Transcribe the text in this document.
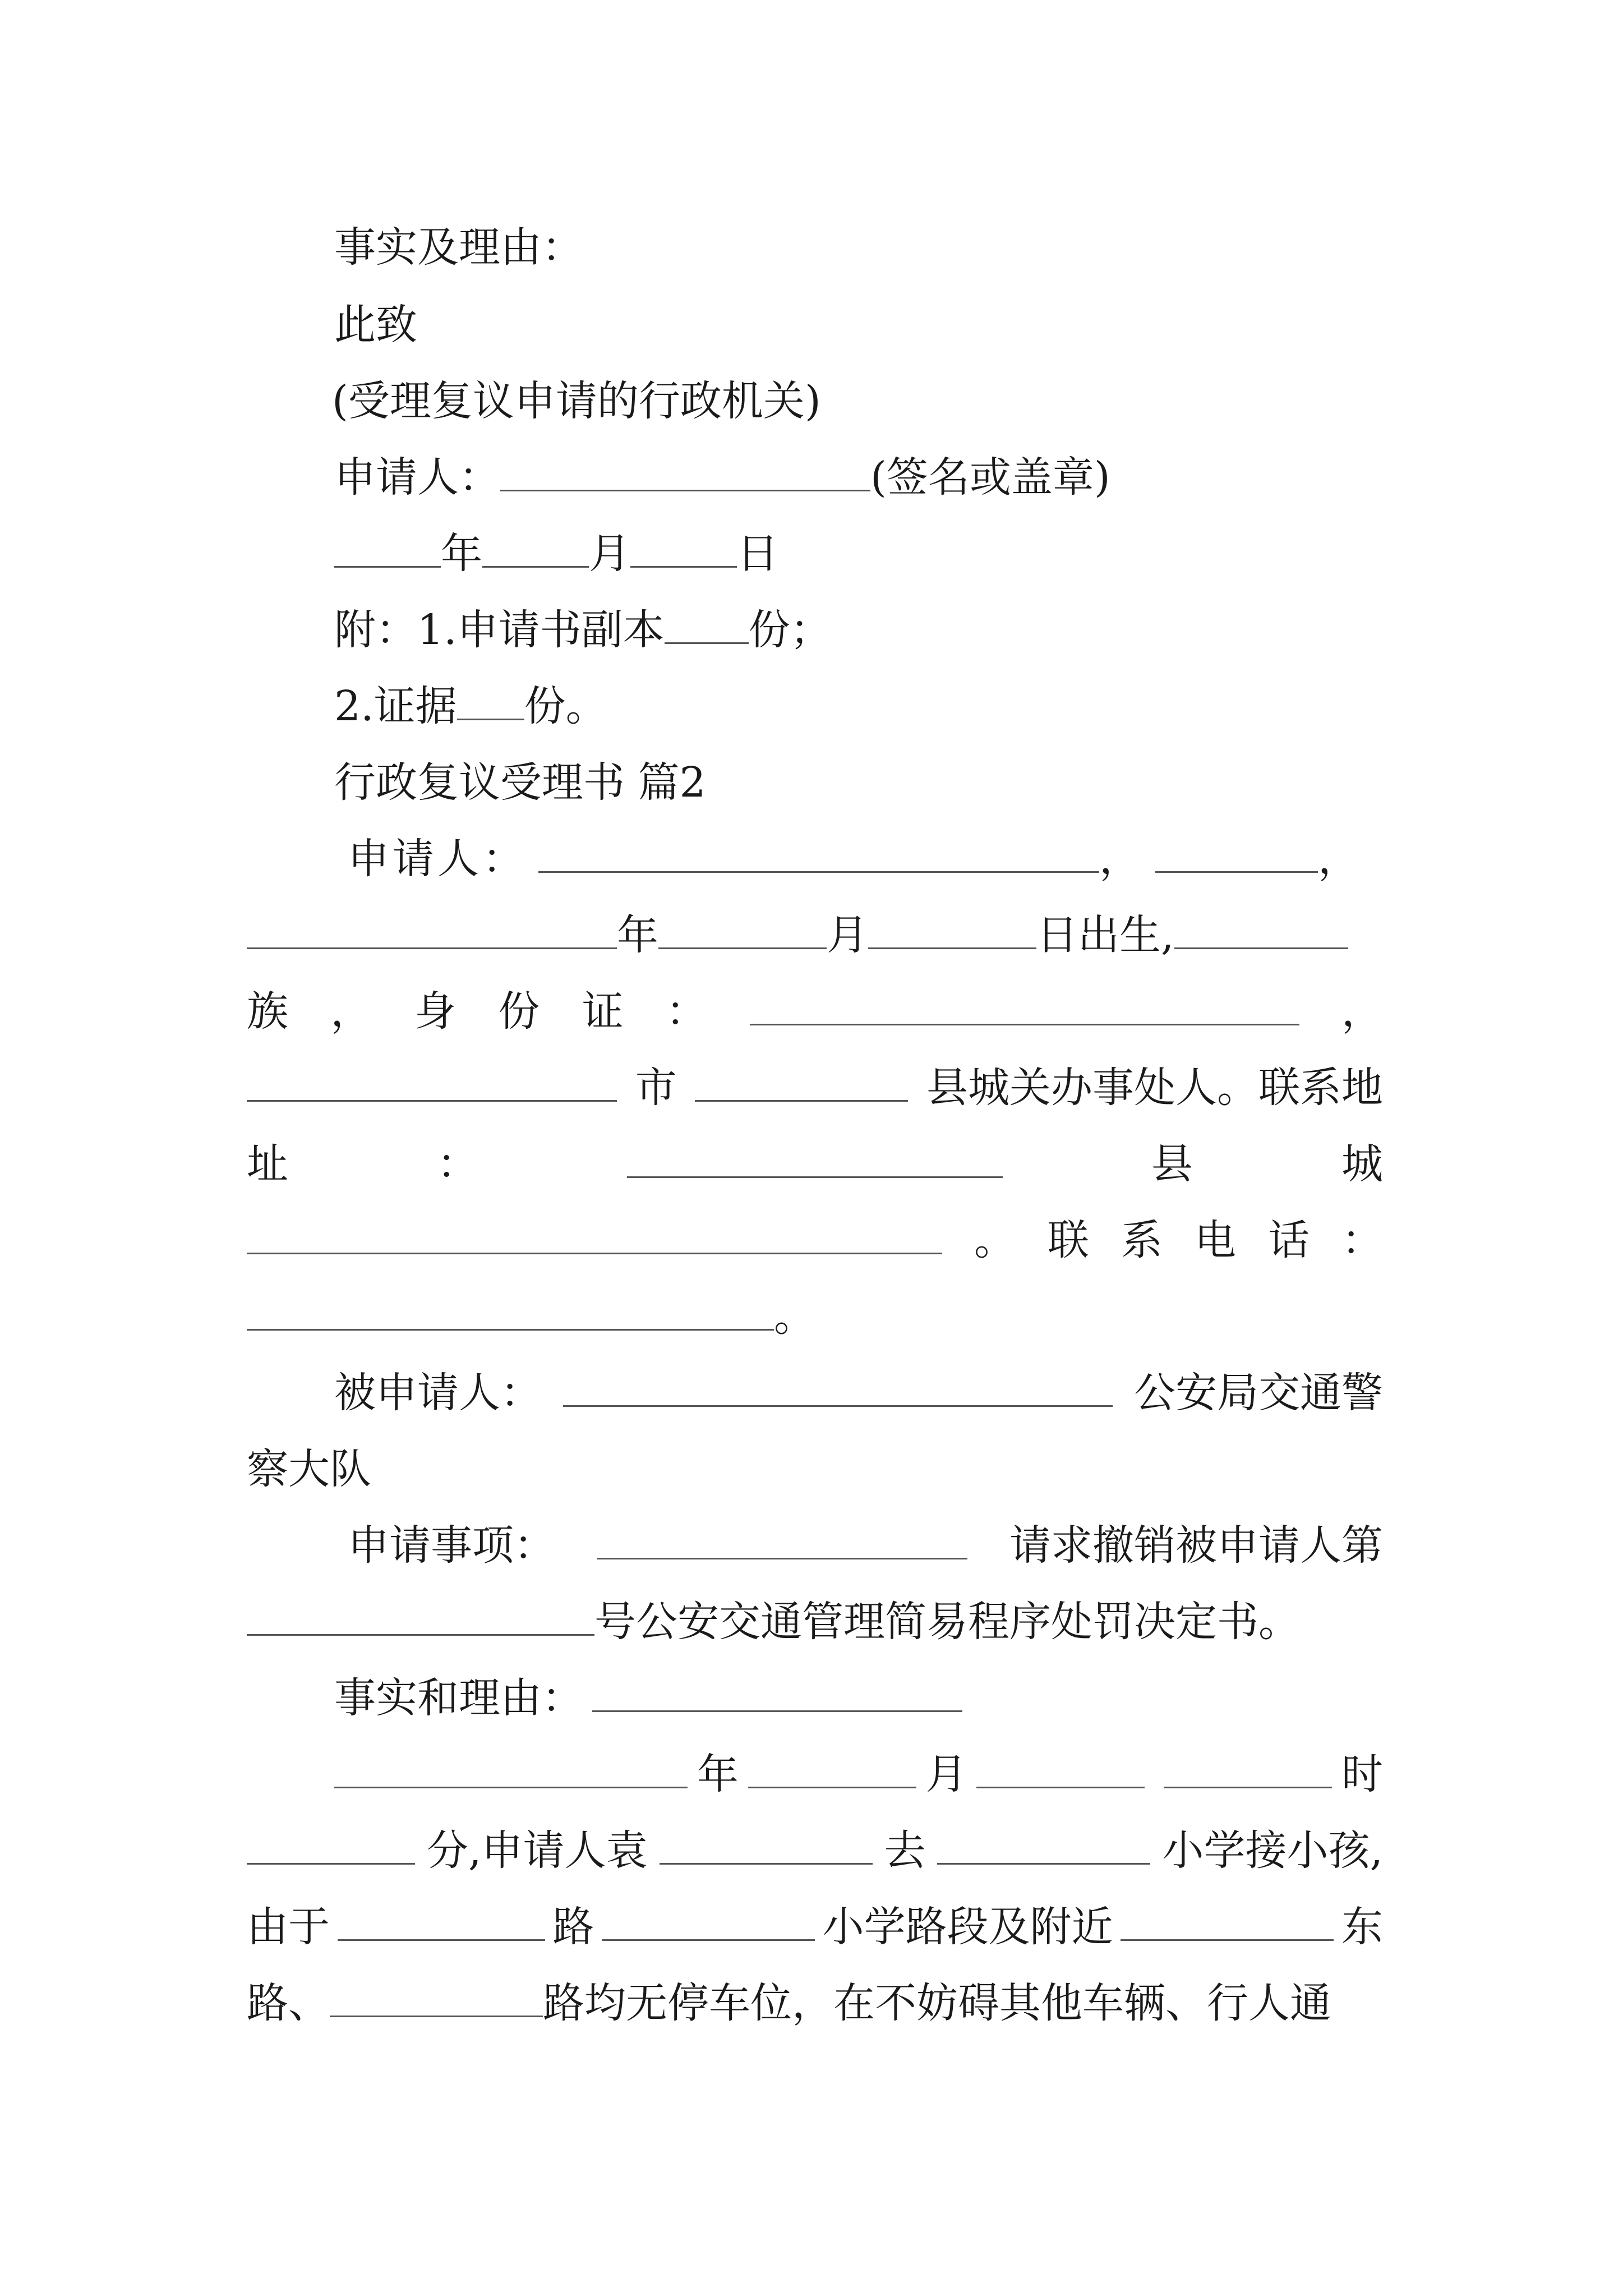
事实及理由：
此致
(受理复议申请的行政机关)
申请人：	(签名或盖章)
年	月	日
附：1.申请书副本 份；
2.证据 份。
行政复议受理书 篇2
申请人：	，	，
年	月	日出生,
族 ， 身 份 证 ：	，
市	县城关办事处人。联系地
址	：	县	城
。 联 系 电 话 ：
。
被申请人：	公安局交通警
察大队
申请事项：	请求撤销被申请人第
号公安交通管理简易程序处罚决定书。
事实和理由：
年	月	时
分,申请人袁	去	小学接小孩,
由于	路	小学路段及附近	东
路、	路均无停车位，在不妨碍其他车辆、行人通
